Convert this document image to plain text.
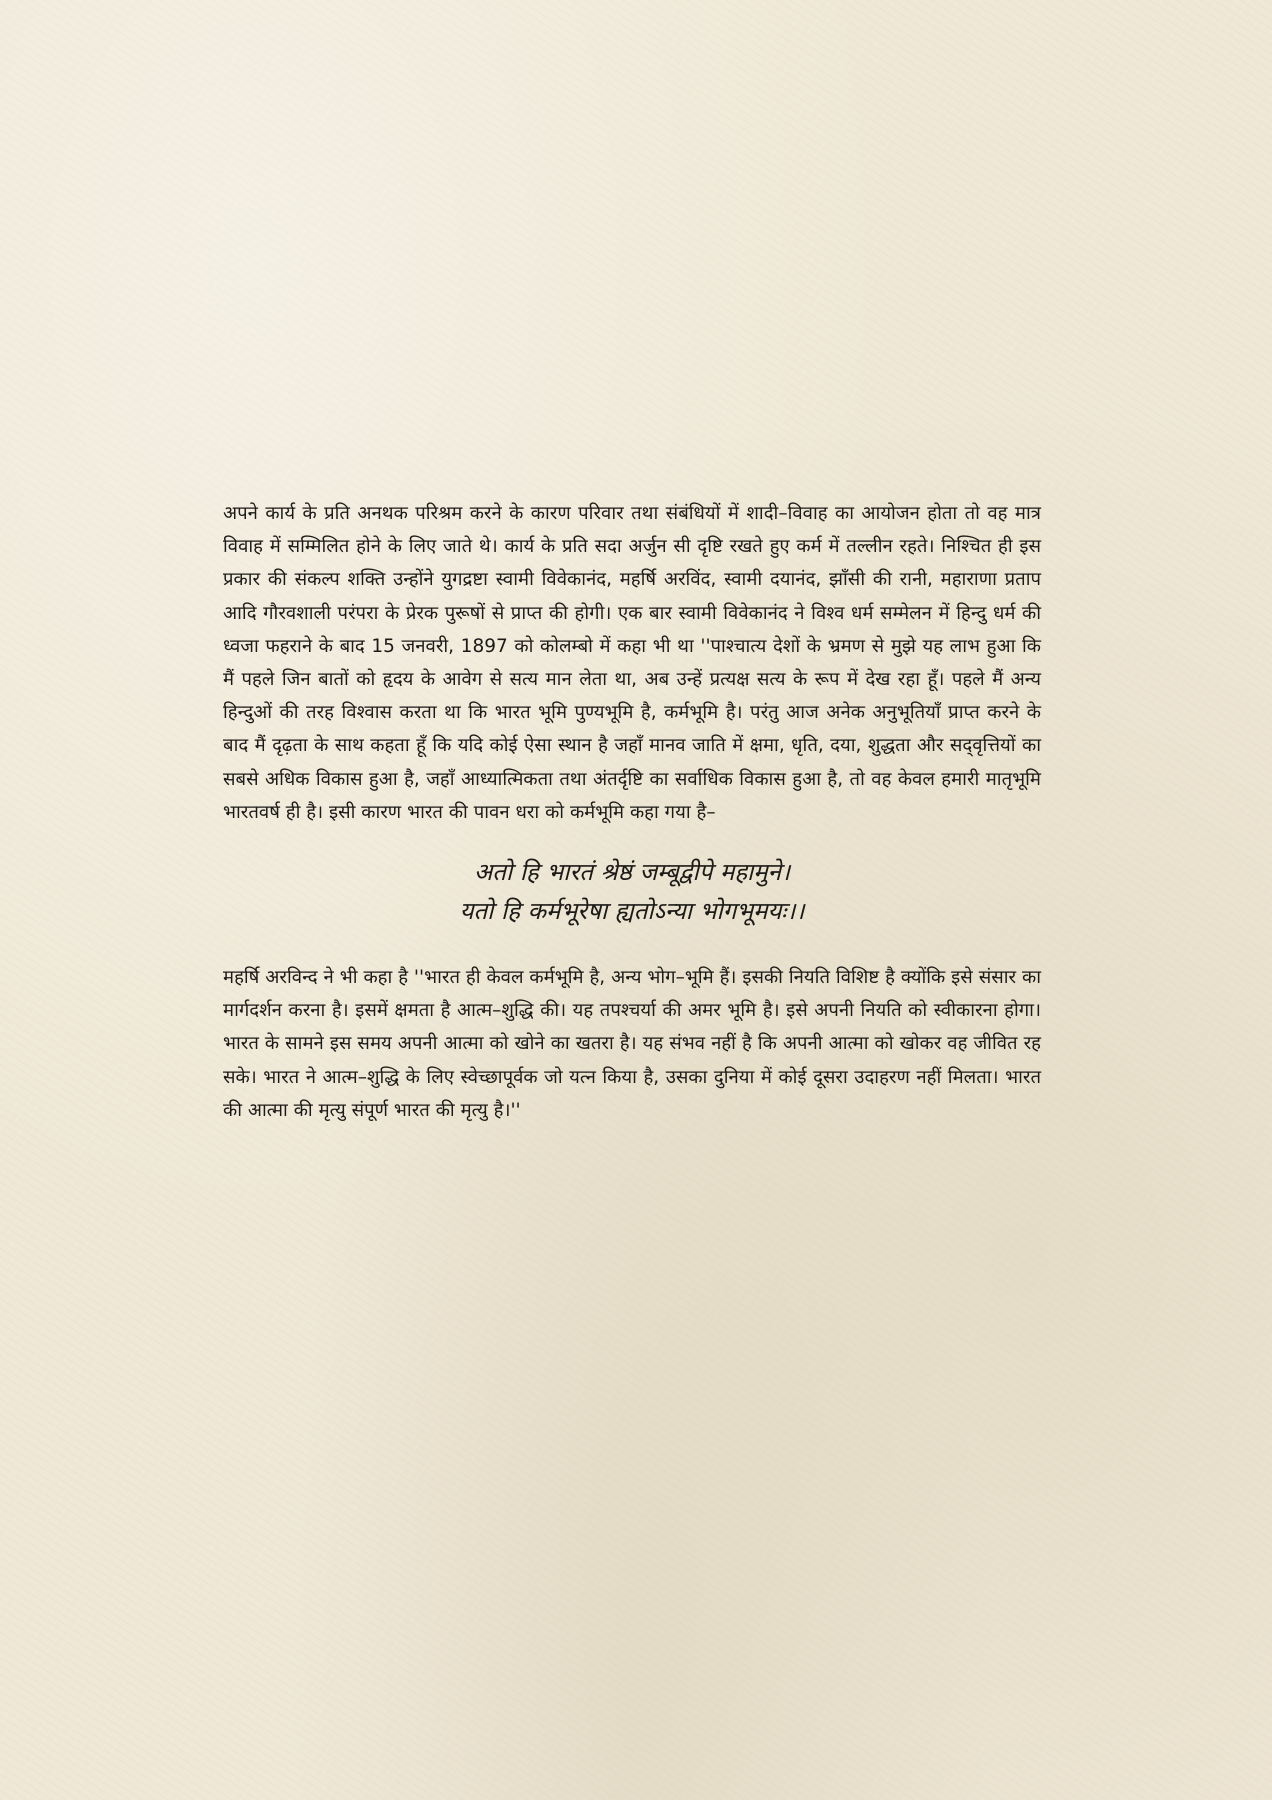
अपने कार्य के प्रति अनथक परिश्रम करने के कारण परिवार तथा संबंधियों में शादी–विवाह का आयोजन होता तो वह मात्र विवाह में सम्मिलित होने के लिए जाते थे। कार्य के प्रति सदा अर्जुन सी दृष्टि रखते हुए कर्म में तल्लीन रहते। निश्चित ही इस प्रकार की संकल्प शक्ति उन्होंने युगद्रष्टा स्वामी विवेकानंद, महर्षि अरविंद, स्वामी दयानंद, झाँसी की रानी, महाराणा प्रताप आदि गौरवशाली परंपरा के प्रेरक पुरूषों से प्राप्त की होगी। एक बार स्वामी विवेकानंद ने विश्व धर्म सम्मेलन में हिन्दु धर्म की ध्वजा फहराने के बाद 15 जनवरी, 1897 को कोलम्बो में कहा भी था ''पाश्चात्य देशों के भ्रमण से मुझे यह लाभ हुआ कि मैं पहले जिन बातों को हृदय के आवेग से सत्य मान लेता था, अब उन्हें प्रत्यक्ष सत्य के रूप में देख रहा हूँ। पहले मैं अन्य हिन्दुओं की तरह विश्वास करता था कि भारत भूमि पुण्यभूमि है, कर्मभूमि है। परंतु आज अनेक अनुभूतियाँ प्राप्त करने के बाद मैं दृढ़ता के साथ कहता हूँ कि यदि कोई ऐसा स्थान है जहाँ मानव जाति में क्षमा, धृति, दया, शुद्धता और सद्‌वृत्तियों का सबसे अधिक विकास हुआ है, जहाँ आध्यात्मिकता तथा अंतर्दृष्टि का सर्वाधिक विकास हुआ है, तो वह केवल हमारी मातृभूमि भारतवर्ष ही है। इसी कारण भारत की पावन धरा को कर्मभूमि कहा गया है–

अतो हि भारतं श्रेष्ठं जम्बूद्वीपे महामुने।
यतो हि कर्मभूरेषा ह्यतोऽन्या भोगभूमयः।।

महर्षि अरविन्द ने भी कहा है ''भारत ही केवल कर्मभूमि है, अन्य भोग–भूमि हैं। इसकी नियति विशिष्ट है क्योंकि इसे संसार का मार्गदर्शन करना है। इसमें क्षमता है आत्म–शुद्धि की। यह तपश्चर्या की अमर भूमि है। इसे अपनी नियति को स्वीकारना होगा। भारत के सामने इस समय अपनी आत्मा को खोने का खतरा है। यह संभव नहीं है कि अपनी आत्मा को खोकर वह जीवित रह सके। भारत ने आत्म–शुद्धि के लिए स्वेच्छापूर्वक जो यत्न किया है, उसका दुनिया में कोई दूसरा उदाहरण नहीं मिलता। भारत की आत्मा की मृत्यु संपूर्ण भारत की मृत्यु है।''
